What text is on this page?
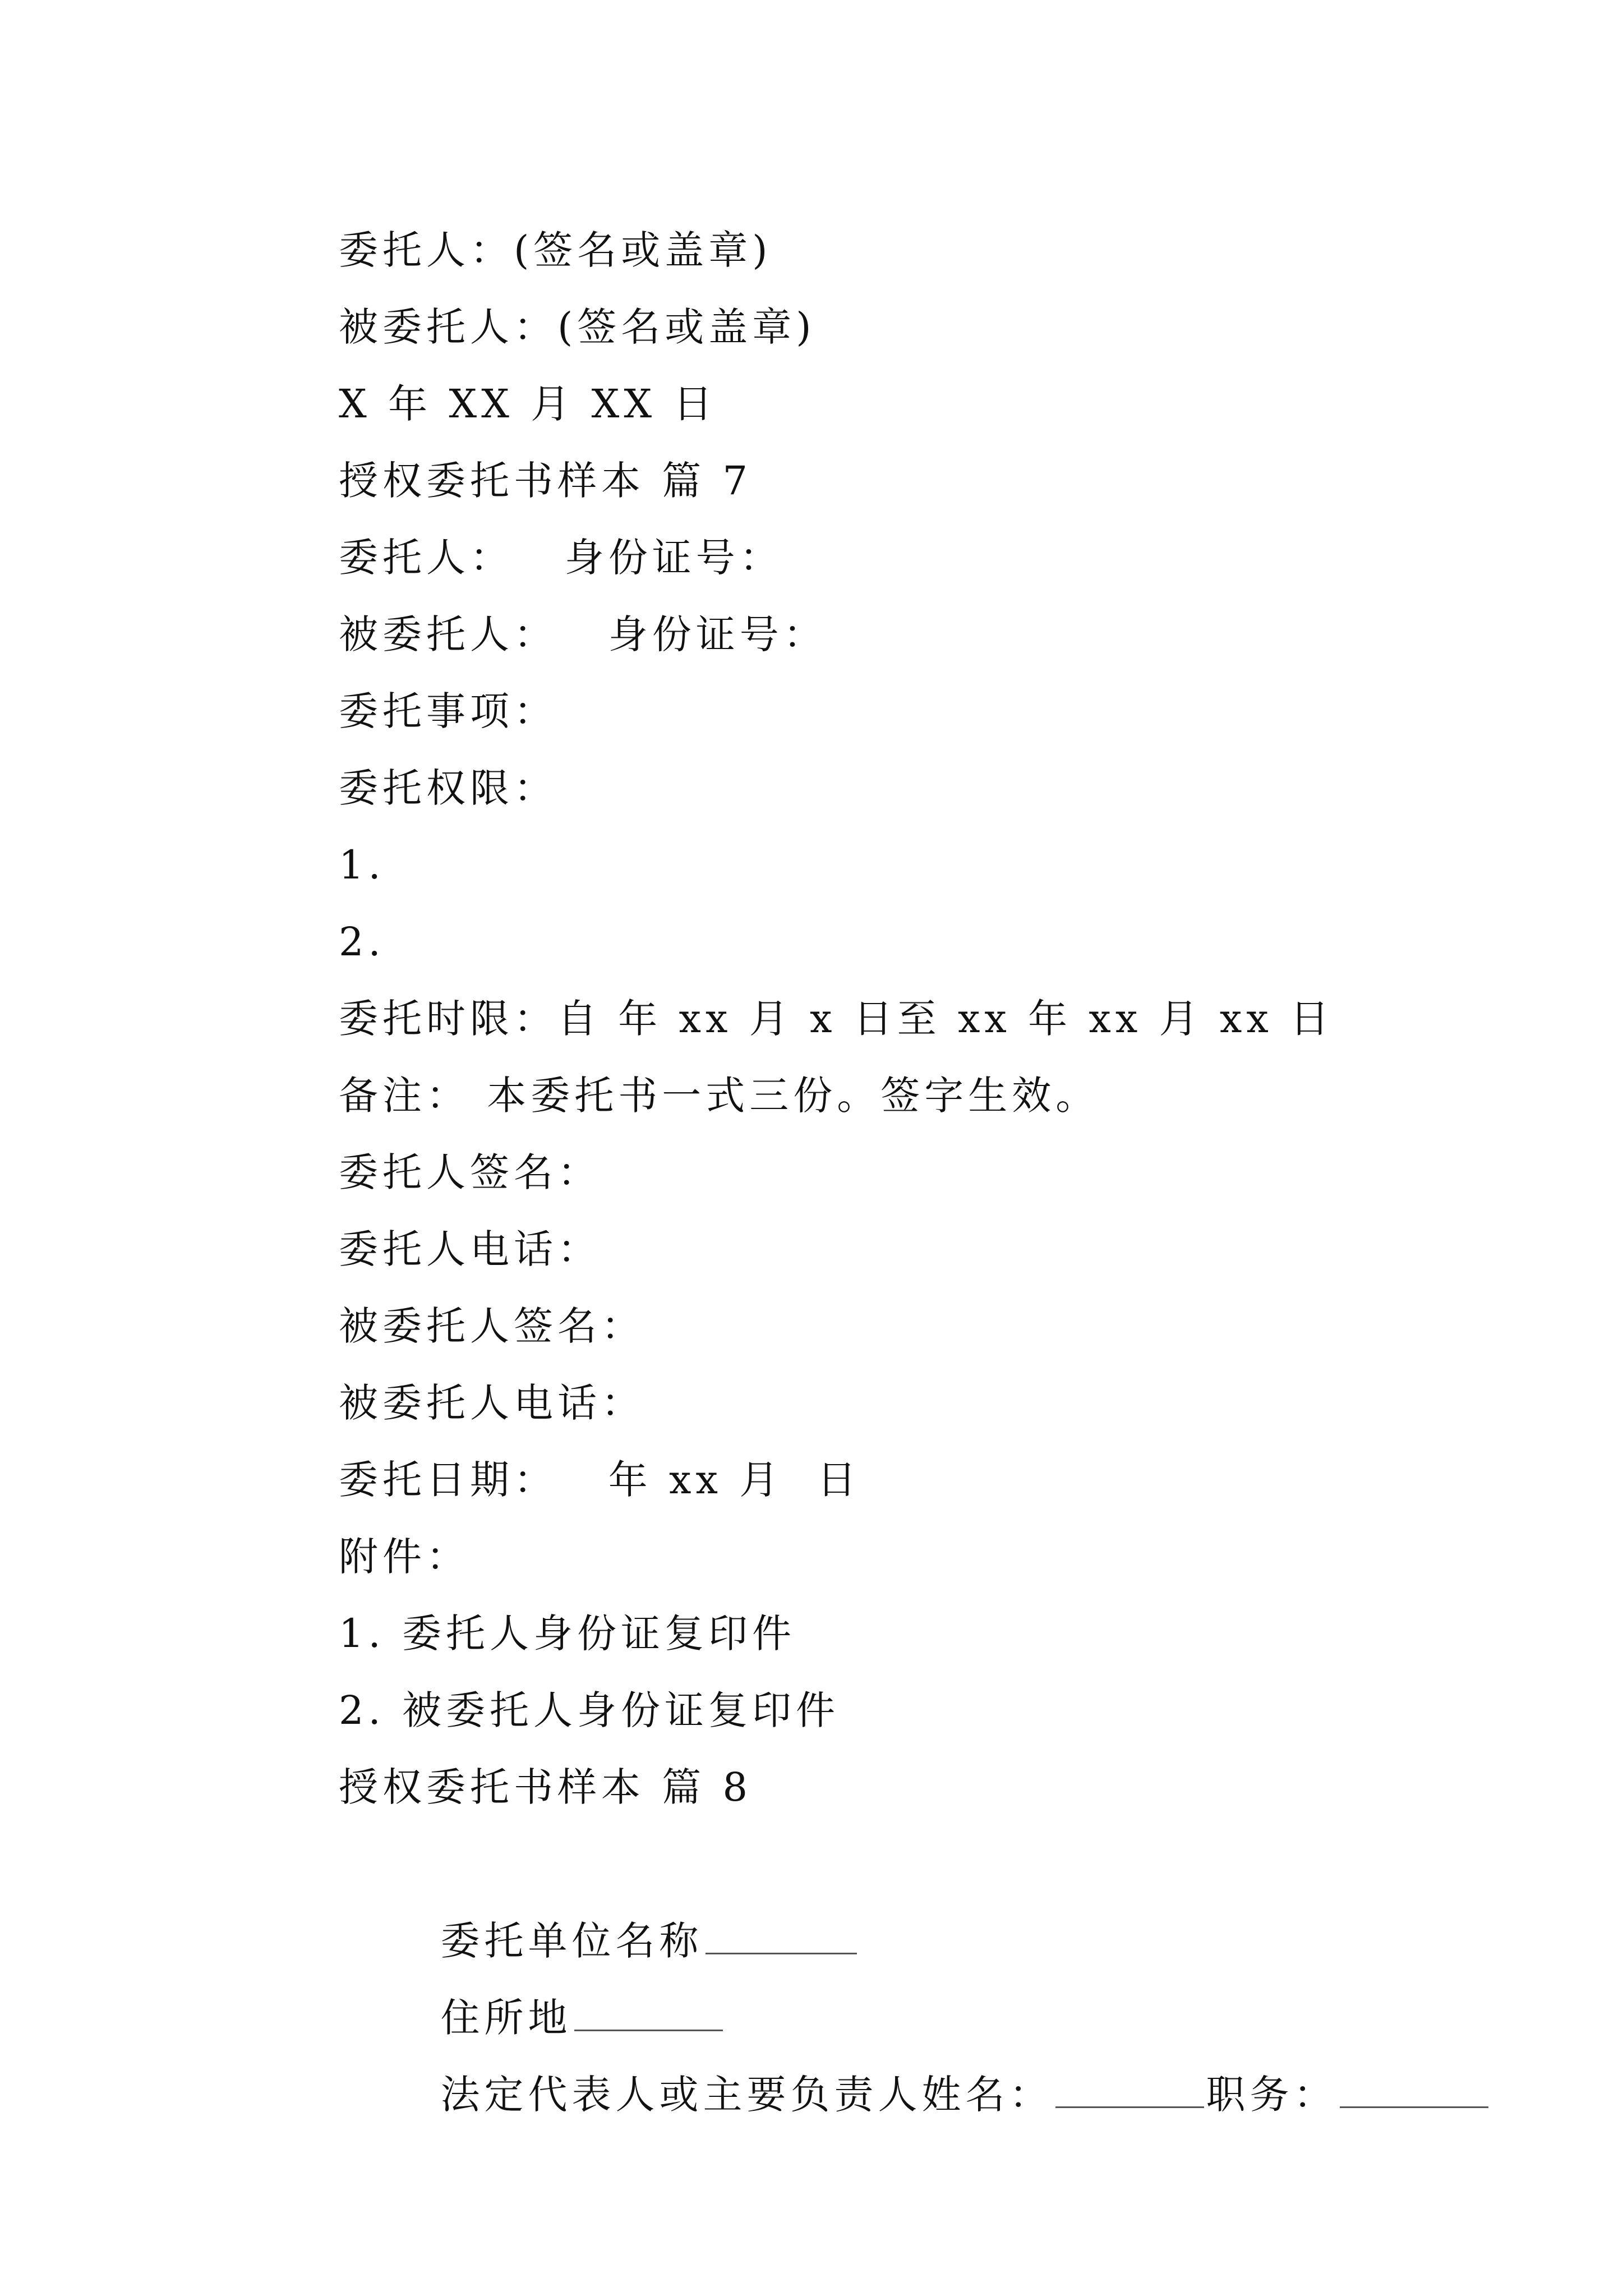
委托人：(签名或盖章)
被委托人：(签名或盖章)
X 年 XX 月 XX 日
授权委托书样本 篇 7
委托人：   身份证号：
被委托人：   身份证号：
委托事项：
委托权限：
1.
2.
委托时限：自 年 xx 月 x 日至 xx 年 xx 月 xx 日
备注： 本委托书一式三份。签字生效。
委托人签名：
委托人电话：
被委托人签名：
被委托人电话：
委托日期：   年 xx 月  日
附件：
1. 委托人身份证复印件
2. 被委托人身份证复印件
授权委托书样本 篇 8

委托单位名称

住所地

法定代表人或主要负责人姓名：	职务：
